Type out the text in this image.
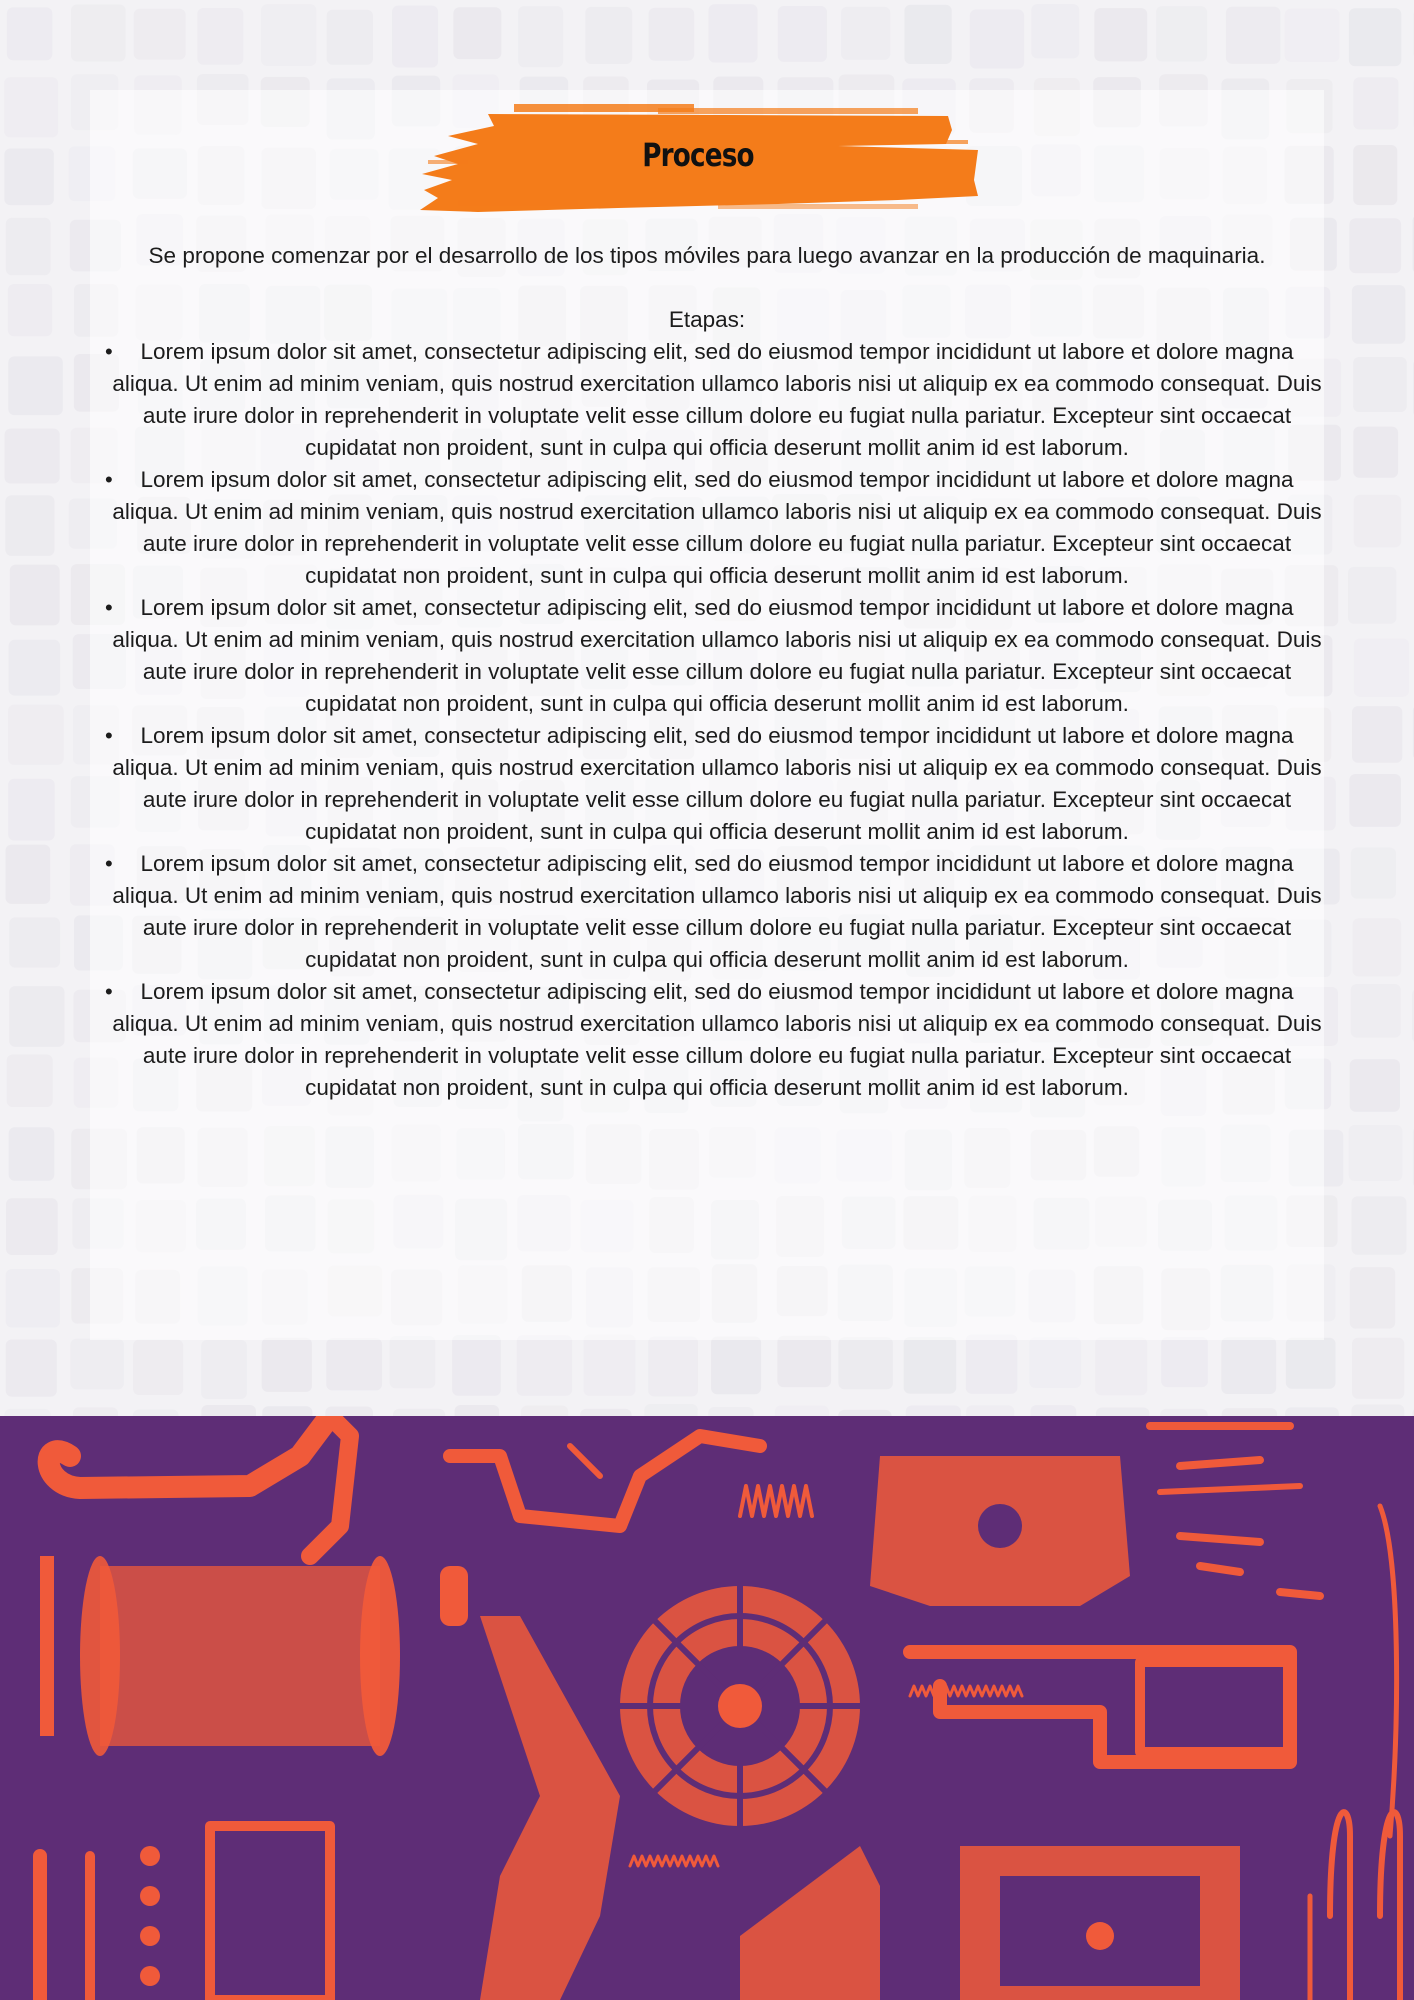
Proceso

Se propone comenzar por el desarrollo de los tipos móviles para luego avanzar en la producción de maquinaria.

Etapas:

• Lorem ipsum dolor sit amet, consectetur adipiscing elit, sed do eiusmod tempor incididunt ut labore et dolore magna aliqua. Ut enim ad minim veniam, quis nostrud exercitation ullamco laboris nisi ut aliquip ex ea commodo consequat. Duis aute irure dolor in reprehenderit in voluptate velit esse cillum dolore eu fugiat nulla pariatur. Excepteur sint occaecat cupidatat non proident, sunt in culpa qui officia deserunt mollit anim id est laborum.
• Lorem ipsum dolor sit amet, consectetur adipiscing elit, sed do eiusmod tempor incididunt ut labore et dolore magna aliqua. Ut enim ad minim veniam, quis nostrud exercitation ullamco laboris nisi ut aliquip ex ea commodo consequat. Duis aute irure dolor in reprehenderit in voluptate velit esse cillum dolore eu fugiat nulla pariatur. Excepteur sint occaecat cupidatat non proident, sunt in culpa qui officia deserunt mollit anim id est laborum.
• Lorem ipsum dolor sit amet, consectetur adipiscing elit, sed do eiusmod tempor incididunt ut labore et dolore magna aliqua. Ut enim ad minim veniam, quis nostrud exercitation ullamco laboris nisi ut aliquip ex ea commodo consequat. Duis aute irure dolor in reprehenderit in voluptate velit esse cillum dolore eu fugiat nulla pariatur. Excepteur sint occaecat cupidatat non proident, sunt in culpa qui officia deserunt mollit anim id est laborum.
• Lorem ipsum dolor sit amet, consectetur adipiscing elit, sed do eiusmod tempor incididunt ut labore et dolore magna aliqua. Ut enim ad minim veniam, quis nostrud exercitation ullamco laboris nisi ut aliquip ex ea commodo consequat. Duis aute irure dolor in reprehenderit in voluptate velit esse cillum dolore eu fugiat nulla pariatur. Excepteur sint occaecat cupidatat non proident, sunt in culpa qui officia deserunt mollit anim id est laborum.
• Lorem ipsum dolor sit amet, consectetur adipiscing elit, sed do eiusmod tempor incididunt ut labore et dolore magna aliqua. Ut enim ad minim veniam, quis nostrud exercitation ullamco laboris nisi ut aliquip ex ea commodo consequat. Duis aute irure dolor in reprehenderit in voluptate velit esse cillum dolore eu fugiat nulla pariatur. Excepteur sint occaecat cupidatat non proident, sunt in culpa qui officia deserunt mollit anim id est laborum.
• Lorem ipsum dolor sit amet, consectetur adipiscing elit, sed do eiusmod tempor incididunt ut labore et dolore magna aliqua. Ut enim ad minim veniam, quis nostrud exercitation ullamco laboris nisi ut aliquip ex ea commodo consequat. Duis aute irure dolor in reprehenderit in voluptate velit esse cillum dolore eu fugiat nulla pariatur. Excepteur sint occaecat cupidatat non proident, sunt in culpa qui officia deserunt mollit anim id est laborum.
